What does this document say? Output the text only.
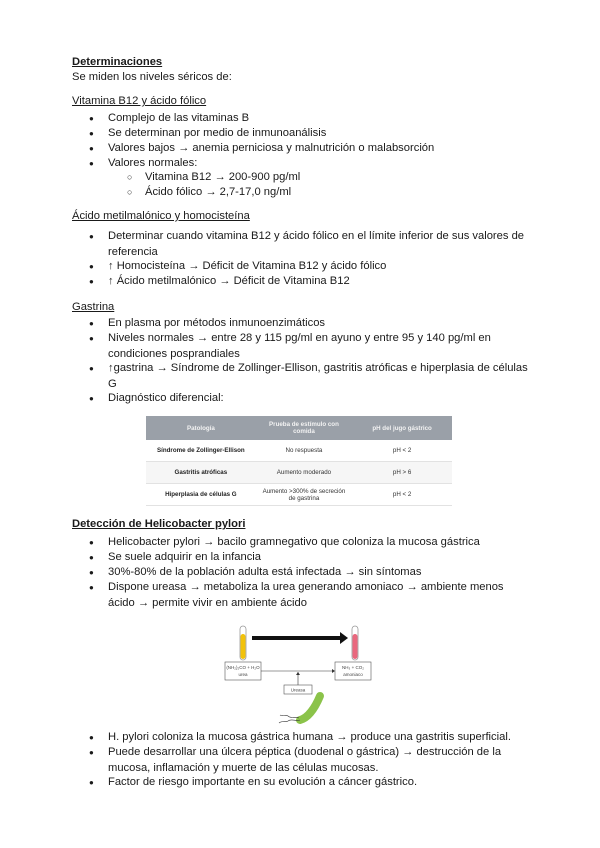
Determinaciones
Se miden los niveles séricos de:
Vitamina B12 y ácido fólico
● Complejo de las vitaminas B
● Se determinan por medio de inmunoanálisis
● Valores bajos → anemia perniciosa y malnutrición o malabsorción
● Valores normales:
○ Vitamina B12 → 200-900 pg/ml
○ Ácido fólico → 2,7-17,0 ng/ml
Ácido metilmalónico y homocisteína
● Determinar cuando vitamina B12 y ácido fólico en el límite inferior de sus valores de referencia
● ↑ Homocisteína → Déficit de Vitamina B12 y ácido fólico
● ↑ Ácido metilmalónico → Déficit de Vitamina B12
Gastrina
● En plasma por métodos inmunoenzimáticos
● Niveles normales → entre 28 y 115 pg/ml en ayuno y entre 95 y 140 pg/ml en condiciones posprandiales
● ↑gastrina → Síndrome de Zollinger-Ellison, gastritis atróficas e hiperplasia de células G
● Diagnóstico diferencial:
Patología	Prueba de estímulo con comida	pH del jugo gástrico
Síndrome de Zollinger-Ellison	No respuesta	pH < 2
Gastritis atróficas	Aumento moderado	pH > 6
Hiperplasia de células G	Aumento >300% de secreción de gastrina	pH < 2
Detección de Helicobacter pylori
● Helicobacter pylori → bacilo gramnegativo que coloniza la mucosa gástrica
● Se suele adquirir en la infancia
● 30%-80% de la población adulta está infectada → sin síntomas
● Dispone ureasa → metaboliza la urea generando amoniaco → ambiente menos ácido → permite vivir en ambiente ácido
(NH₂)₂CO + H₂O
urea
NH₃ + CO₂
amoniaco
Ureasa
● H. pylori coloniza la mucosa gástrica humana → produce una gastritis superficial.
● Puede desarrollar una úlcera péptica (duodenal o gástrica) → destrucción de la mucosa, inflamación y muerte de las células mucosas.
● Factor de riesgo importante en su evolución a cáncer gástrico.
